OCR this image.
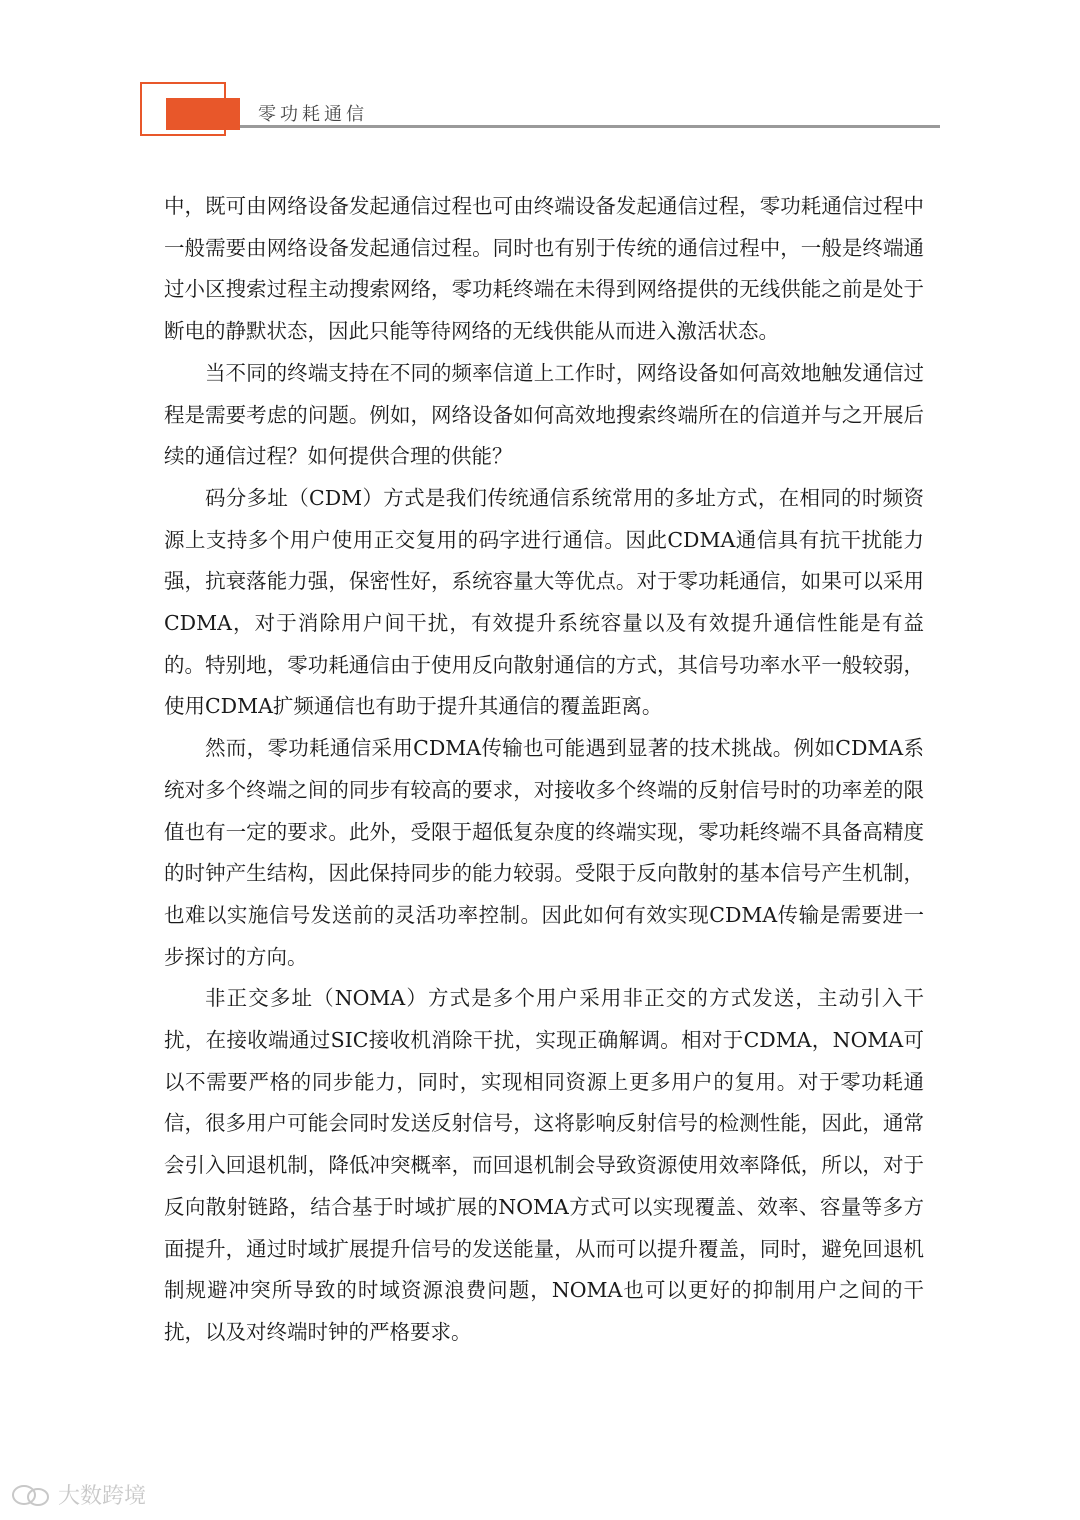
零功耗通信

中，既可由网络设备发起通信过程也可由终端设备发起通信过程，零功耗通信过程中一般需要由网络设备发起通信过程。同时也有别于传统的通信过程中，一般是终端通过小区搜索过程主动搜索网络，零功耗终端在未得到网络提供的无线供能之前是处于断电的静默状态，因此只能等待网络的无线供能从而进入激活状态。

当不同的终端支持在不同的频率信道上工作时，网络设备如何高效地触发通信过程是需要考虑的问题。例如，网络设备如何高效地搜索终端所在的信道并与之开展后续的通信过程？如何提供合理的供能？

码分多址（CDM）方式是我们传统通信系统常用的多址方式，在相同的时频资源上支持多个用户使用正交复用的码字进行通信。因此CDMA通信具有抗干扰能力强，抗衰落能力强，保密性好，系统容量大等优点。对于零功耗通信，如果可以采用CDMA，对于消除用户间干扰，有效提升系统容量以及有效提升通信性能是有益的。特别地，零功耗通信由于使用反向散射通信的方式，其信号功率水平一般较弱，使用CDMA扩频通信也有助于提升其通信的覆盖距离。

然而，零功耗通信采用CDMA传输也可能遇到显著的技术挑战。例如CDMA系统对多个终端之间的同步有较高的要求，对接收多个终端的反射信号时的功率差的限值也有一定的要求。此外，受限于超低复杂度的终端实现，零功耗终端不具备高精度的时钟产生结构，因此保持同步的能力较弱。受限于反向散射的基本信号产生机制，也难以实施信号发送前的灵活功率控制。因此如何有效实现CDMA传输是需要进一步探讨的方向。

非正交多址（NOMA）方式是多个用户采用非正交的方式发送，主动引入干扰，在接收端通过SIC接收机消除干扰，实现正确解调。相对于CDMA，NOMA可以不需要严格的同步能力，同时，实现相同资源上更多用户的复用。对于零功耗通信，很多用户可能会同时发送反射信号，这将影响反射信号的检测性能，因此，通常会引入回退机制，降低冲突概率，而回退机制会导致资源使用效率降低，所以，对于反向散射链路，结合基于时域扩展的NOMA方式可以实现覆盖、效率、容量等多方面提升，通过时域扩展提升信号的发送能量，从而可以提升覆盖，同时，避免回退机制规避冲突所导致的时域资源浪费问题，NOMA也可以更好的抑制用户之间的干扰，以及对终端时钟的严格要求。

大数跨境
